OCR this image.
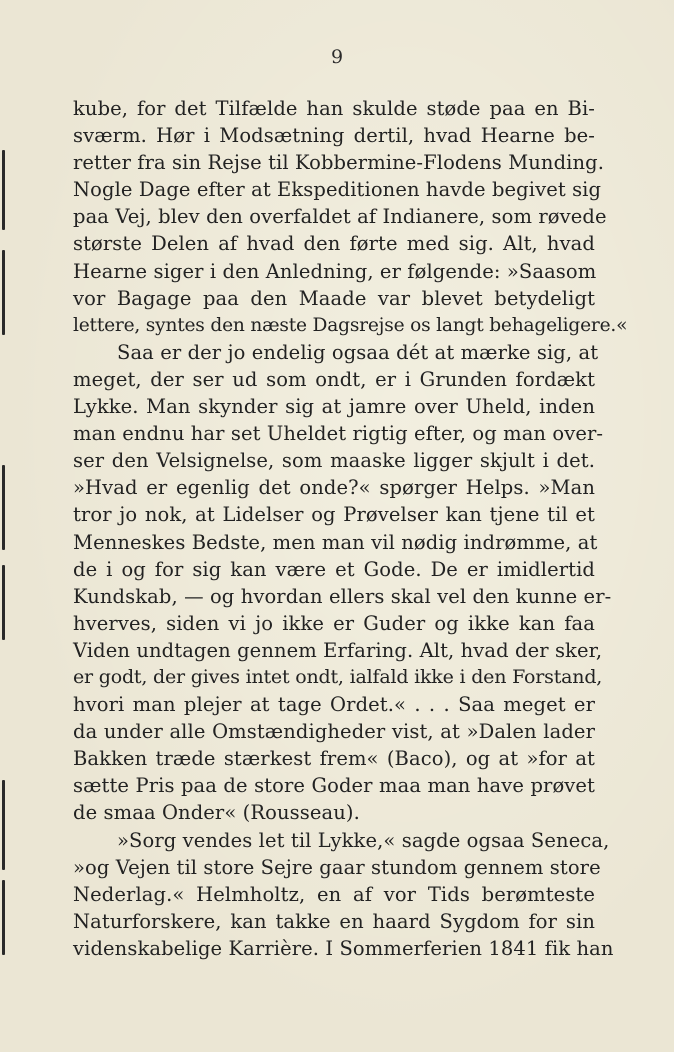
9
kube, for det Tilfælde han skulde støde paa en Bi-
sværm. Hør i Modsætning dertil, hvad Hearne be-
retter fra sin Rejse til Kobbermine-Flodens Munding.
Nogle Dage efter at Ekspeditionen havde begivet sig
paa Vej, blev den overfaldet af Indianere, som røvede
største Delen af hvad den førte med sig. Alt, hvad
Hearne siger i den Anledning, er følgende: »Saasom
vor Bagage paa den Maade var blevet betydeligt
lettere, syntes den næste Dagsrejse os langt behageligere.«
Saa er der jo endelig ogsaa dét at mærke sig, at
meget, der ser ud som ondt, er i Grunden fordækt
Lykke. Man skynder sig at jamre over Uheld, inden
man endnu har set Uheldet rigtig efter, og man over-
ser den Velsignelse, som maaske ligger skjult i det.
»Hvad er egenlig det onde?« spørger Helps. »Man
tror jo nok, at Lidelser og Prøvelser kan tjene til et
Menneskes Bedste, men man vil nødig indrømme, at
de i og for sig kan være et Gode. De er imidlertid
Kundskab, — og hvordan ellers skal vel den kunne er-
hverves, siden vi jo ikke er Guder og ikke kan faa
Viden undtagen gennem Erfaring. Alt, hvad der sker,
er godt, der gives intet ondt, ialfald ikke i den Forstand,
hvori man plejer at tage Ordet.« . . . Saa meget er
da under alle Omstændigheder vist, at »Dalen lader
Bakken træde stærkest frem« (Baco), og at »for at
sætte Pris paa de store Goder maa man have prøvet
de smaa Onder« (Rousseau).
»Sorg vendes let til Lykke,« sagde ogsaa Seneca,
»og Vejen til store Sejre gaar stundom gennem store
Nederlag.« Helmholtz, en af vor Tids berømteste
Naturforskere, kan takke en haard Sygdom for sin
videnskabelige Karrière. I Sommerferien 1841 fik han
